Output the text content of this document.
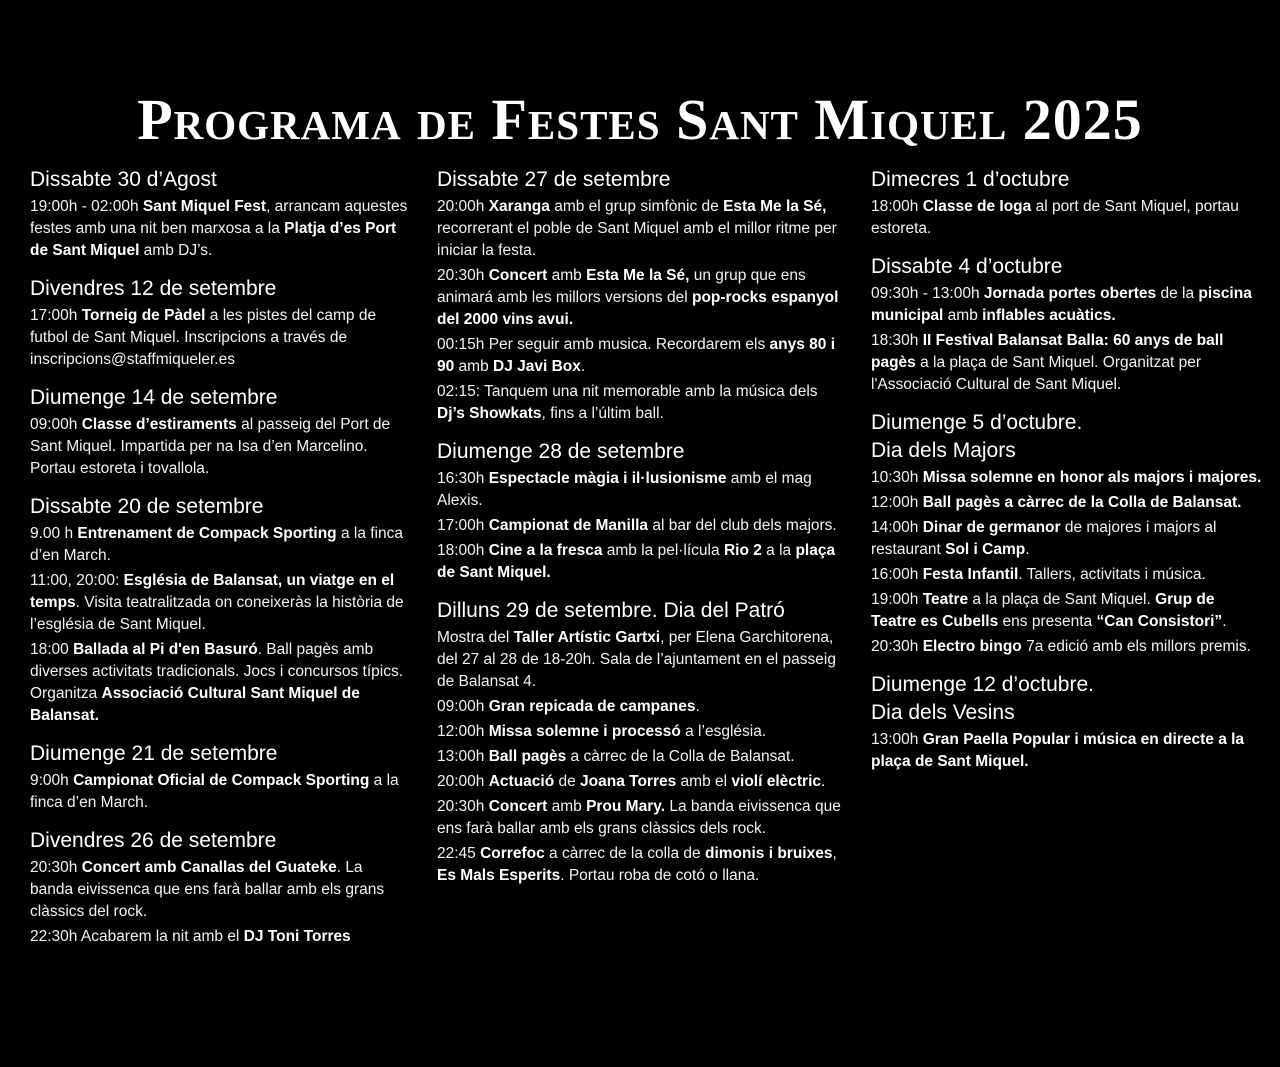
Programa de Festes Sant Miquel 2025
Dissabte 30 d’Agost
19:00h - 02:00h Sant Miquel Fest, arrancam aquestes festes amb una nit ben marxosa a la Platja d’es Port de Sant Miquel amb DJ’s.
Divendres 12 de setembre
17:00h Torneig de Pàdel a les pistes del camp de futbol de Sant Miquel. Inscripcions a través de inscripcions@staffmiqueler.es
Diumenge 14 de setembre
09:00h Classe d’estiraments al passeig del Port de Sant Miquel. Impartida per na Isa d’en Marcelino. Portau estoreta i tovallola.
Dissabte 20 de setembre
9.00 h Entrenament de Compack Sporting a la finca d’en March.
11:00, 20:00: Església de Balansat, un viatge en el temps. Visita teatralitzada on coneixeràs la història de l’església de Sant Miquel.
18:00 Ballada al Pi d'en Basuró. Ball pagès amb diverses activitats tradicionals. Jocs i concursos típics. Organitza Associació Cultural Sant Miquel de Balansat.
Diumenge 21 de setembre
9:00h Campionat Oficial de Compack Sporting a la finca d’en March.
Divendres 26 de setembre
20:30h Concert amb Canallas del Guateke. La banda eivissenca que ens farà ballar amb els grans clàssics del rock.
22:30h Acabarem la nit amb el DJ Toni Torres
Dissabte 27 de setembre
20:00h Xaranga amb el grup simfònic de Esta Me la Sé, recorrerant el poble de Sant Miquel amb el millor ritme per iniciar la festa.
20:30h Concert amb Esta Me la Sé, un grup que ens animará amb les millors versions del pop-rocks espanyol del 2000 vins avui.
00:15h Per seguir amb musica. Recordarem els anys 80 i 90 amb DJ Javi Box.
02:15: Tanquem una nit memorable amb la música dels Dj’s Showkats, fins a l’últim ball.
Diumenge 28 de setembre
16:30h Espectacle màgia i il·lusionisme amb el mag Alexis.
17:00h Campionat de Manilla al bar del club dels majors.
18:00h Cine a la fresca amb la pel·lícula Rio 2 a la plaça de Sant Miquel.
Dilluns 29 de setembre. Dia del Patró
Mostra del Taller Artístic Gartxi, per Elena Garchitorena, del 27 al 28 de 18-20h. Sala de l’ajuntament en el passeig de Balansat 4.
09:00h Gran repicada de campanes.
12:00h Missa solemne i processó a l’església.
13:00h Ball pagès a càrrec de la Colla de Balansat.
20:00h Actuació de Joana Torres amb el violí elèctric.
20:30h Concert amb Prou Mary. La banda eivissenca que ens farà ballar amb els grans clàssics dels rock.
22:45 Correfoc a càrrec de la colla de dimonis i bruixes, Es Mals Esperits. Portau roba de cotó o llana.
Dimecres 1 d’octubre
18:00h Classe de Ioga al port de Sant Miquel, portau estoreta.
Dissabte 4 d’octubre
09:30h - 13:00h Jornada portes obertes de la piscina municipal amb inflables acuàtics.
18:30h II Festival Balansat Balla: 60 anys de ball pagès a la plaça de Sant Miquel. Organitzat per l'Associació Cultural de Sant Miquel.
Diumenge 5 d’octubre.
Dia dels Majors
10:30h Missa solemne en honor als majors i majores.
12:00h Ball pagès a càrrec de la Colla de Balansat.
14:00h Dinar de germanor de majores i majors al restaurant Sol i Camp.
16:00h Festa Infantil. Tallers, activitats i música.
19:00h Teatre a la plaça de Sant Miquel. Grup de Teatre es Cubells ens presenta “Can Consistori”.
20:30h Electro bingo 7a edició amb els millors premis.
Diumenge 12 d’octubre.
Dia dels Vesins
13:00h Gran Paella Popular i música en directe a la plaça de Sant Miquel.
